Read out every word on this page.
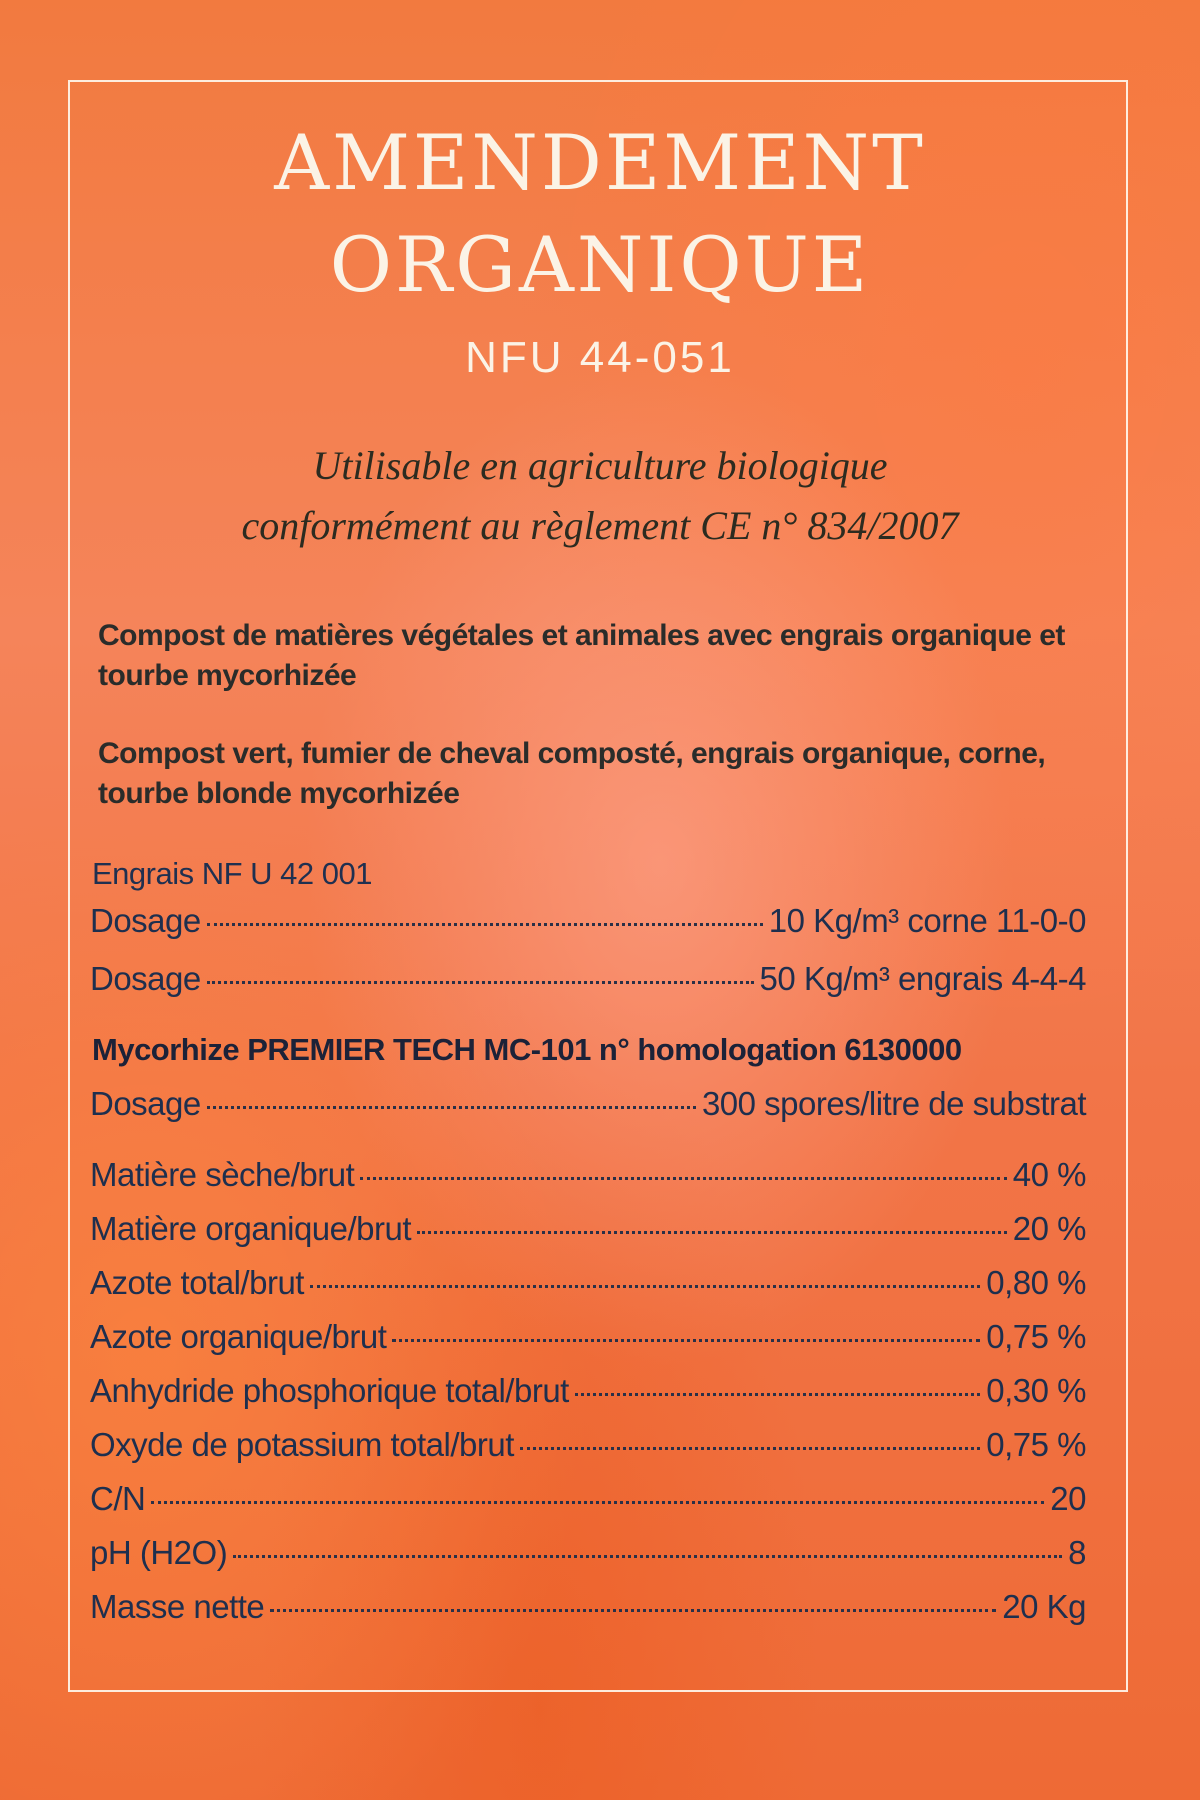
AMENDEMENT
ORGANIQUE
NFU 44-051
Utilisable en agriculture biologique
conformément au règlement CE n° 834/2007
Compost de matières végétales et animales avec engrais organique et tourbe mycorhizée
Compost vert, fumier de cheval composté, engrais organique, corne, tourbe blonde mycorhizée
Engrais NF U 42 001
Dosage	10 Kg/m³ corne 11-0-0
Dosage	50 Kg/m³ engrais 4-4-4
Mycorhize PREMIER TECH MC-101 n° homologation 6130000
Dosage	300 spores/litre de substrat
Matière sèche/brut	40 %
Matière organique/brut	20 %
Azote total/brut	0,80 %
Azote organique/brut	0,75 %
Anhydride phosphorique total/brut	0,30 %
Oxyde de potassium total/brut	0,75 %
C/N	20
pH (H2O)	8
Masse nette	20 Kg
